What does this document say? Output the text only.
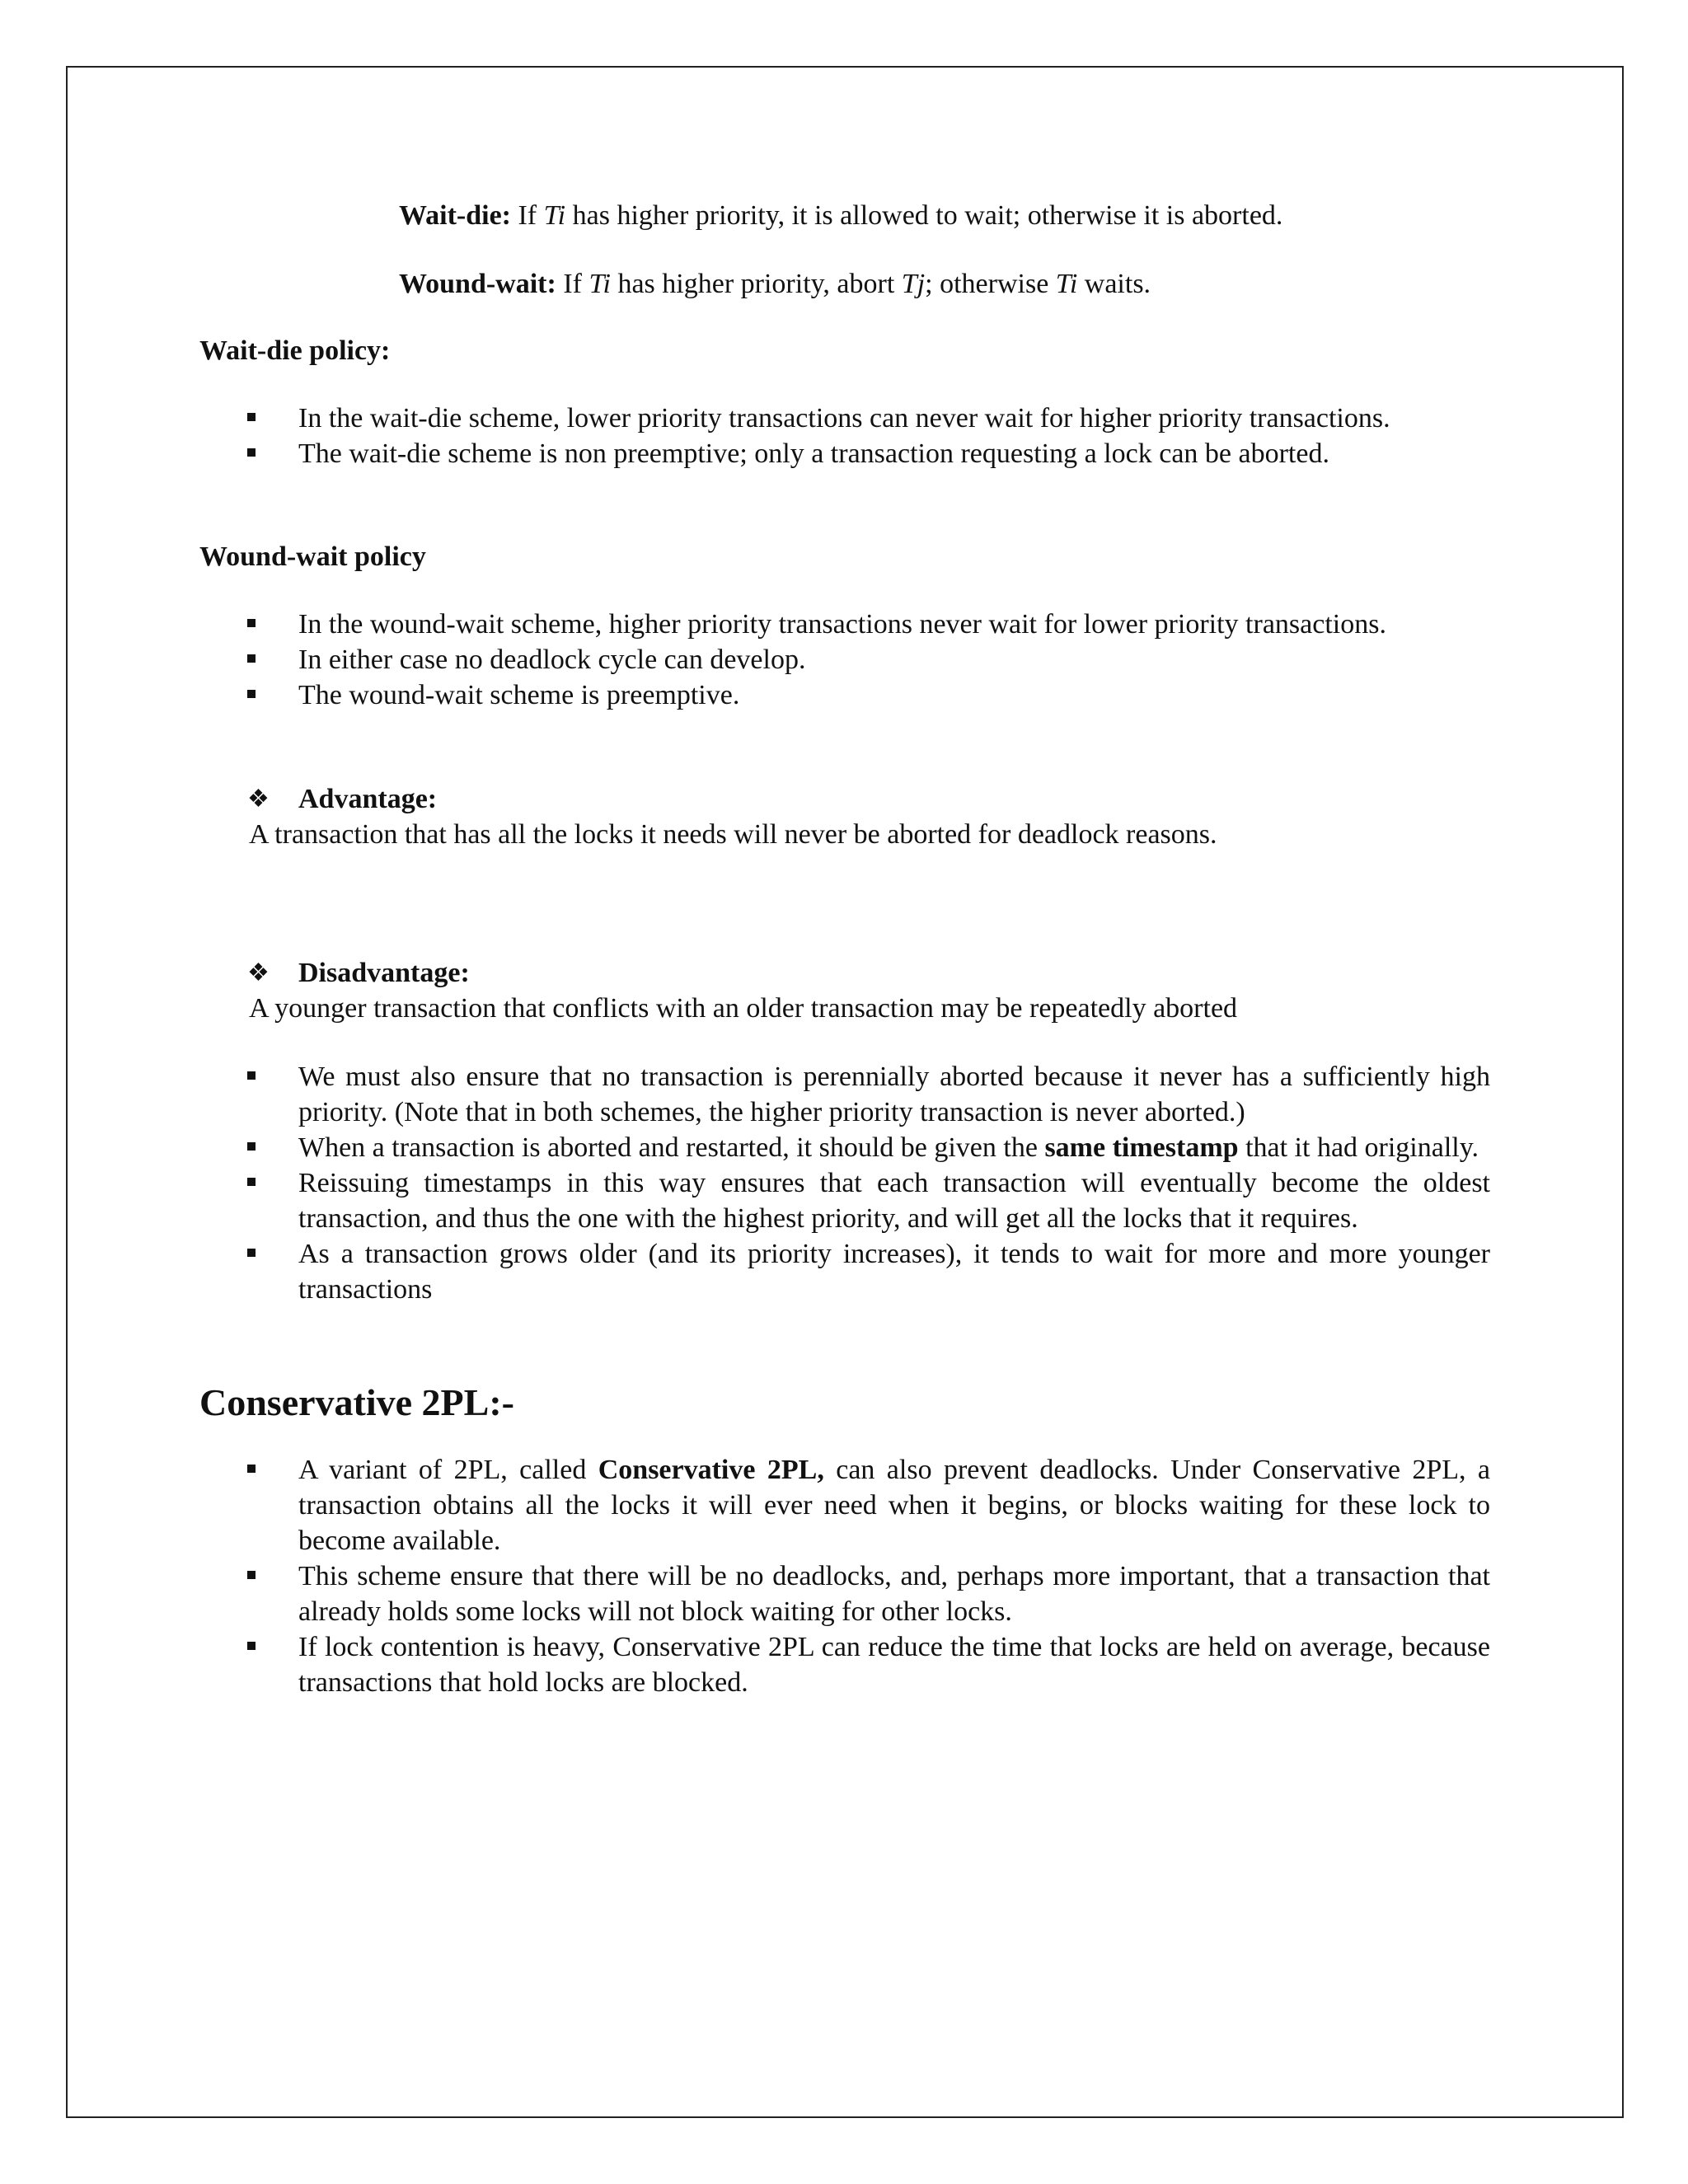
Wait-die: If Ti has higher priority, it is allowed to wait; otherwise it is aborted.

Wound-wait: If Ti has higher priority, abort Tj; otherwise Ti waits.

Wait-die policy:

In the wait-die scheme, lower priority transactions can never wait for higher priority transactions.
The wait-die scheme is non preemptive; only a transaction requesting a lock can be aborted.

Wound-wait policy

In the wound-wait scheme, higher priority transactions never wait for lower priority transactions.
In either case no deadlock cycle can develop.
The wound-wait scheme is preemptive.

❖ Advantage:

A transaction that has all the locks it needs will never be aborted for deadlock reasons.

❖ Disadvantage:

A younger transaction that conflicts with an older transaction may be repeatedly aborted

We must also ensure that no transaction is perennially aborted because it never has a sufficiently high priority. (Note that in both schemes, the higher priority transaction is never aborted.)
When a transaction is aborted and restarted, it should be given the same timestamp that it had originally.
Reissuing timestamps in this way ensures that each transaction will eventually become the oldest transaction, and thus the one with the highest priority, and will get all the locks that it requires.
As a transaction grows older (and its priority increases), it tends to wait for more and more younger transactions

Conservative 2PL:-

A variant of 2PL, called Conservative 2PL, can also prevent deadlocks. Under Conservative 2PL, a transaction obtains all the locks it will ever need when it begins, or blocks waiting for these lock to become available.
This scheme ensure that there will be no deadlocks, and, perhaps more important, that a transaction that already holds some locks will not block waiting for other locks.
If lock contention is heavy, Conservative 2PL can reduce the time that locks are held on average, because transactions that hold locks are blocked.
